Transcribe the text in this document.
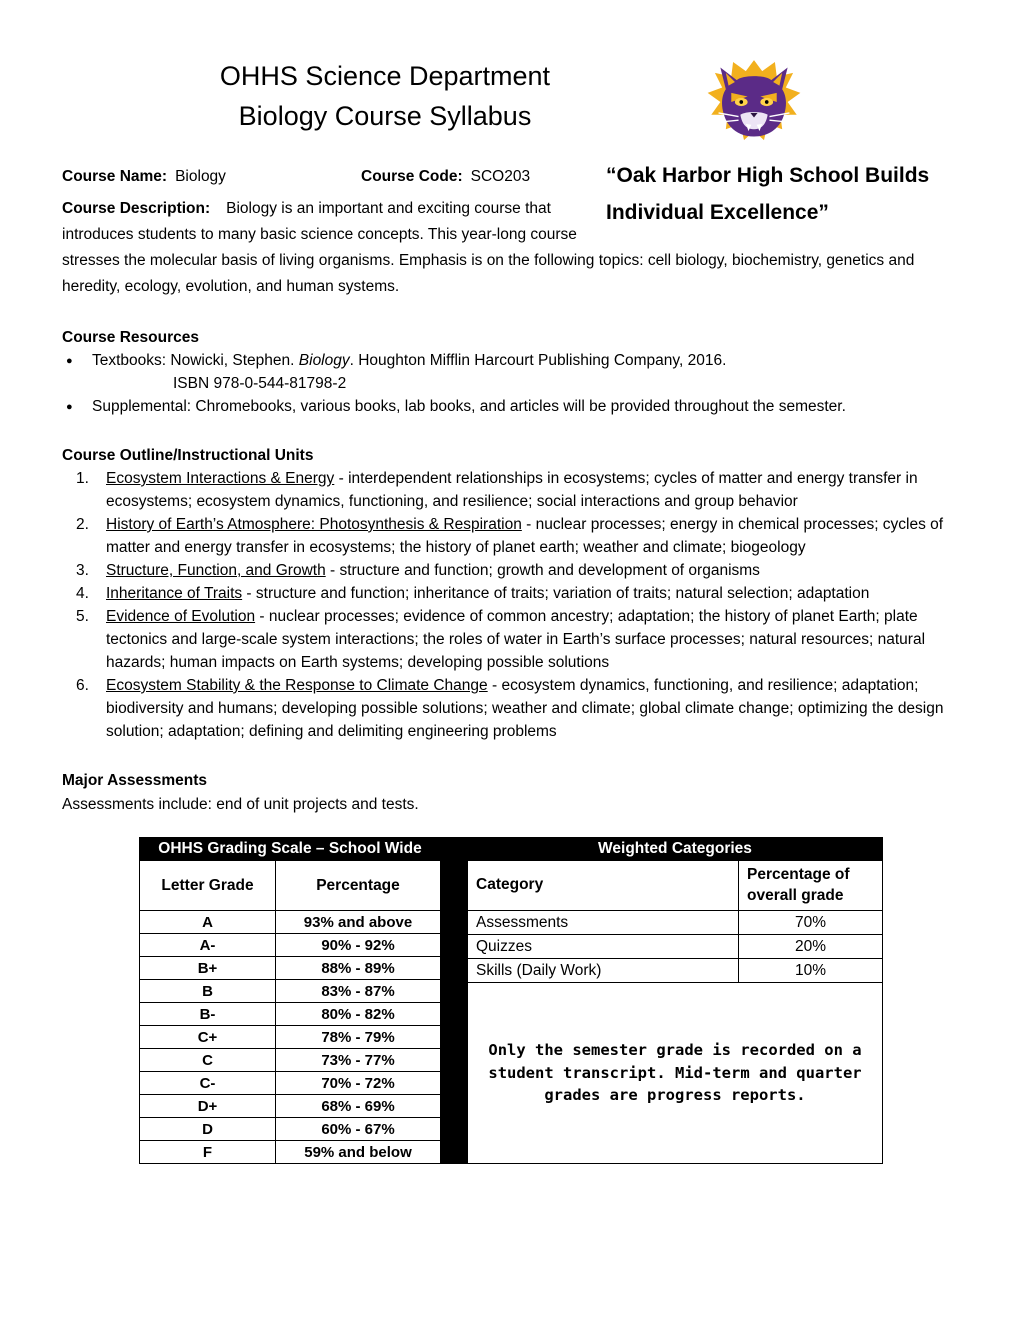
“Oak Harbor High School Builds
Individual Excellence”
OHHS Science Department
Biology Course Syllabus

Course Name: Biology	Course Code: SCO203

Course Description: Biology is an important and exciting course that introduces students to many basic science concepts. This year-long course stresses the molecular basis of living organisms. Emphasis is on the following topics: cell biology, biochemistry, genetics and heredity, ecology, evolution, and human systems.

Course Resources
● Textbooks: Nowicki, Stephen. Biology. Houghton Mifflin Harcourt Publishing Company, 2016.
ISBN 978-0-544-81798-2
● Supplemental: Chromebooks, various books, lab books, and articles will be provided throughout the semester.
Course Outline/Instructional Units
1. Ecosystem Interactions & Energy - interdependent relationships in ecosystems; cycles of matter and energy transfer in ecosystems; ecosystem dynamics, functioning, and resilience; social interactions and group behavior
2. History of Earth’s Atmosphere: Photosynthesis & Respiration - nuclear processes; energy in chemical processes; cycles of matter and energy transfer in ecosystems; the history of planet earth; weather and climate; biogeology
3. Structure, Function, and Growth - structure and function; growth and development of organisms
4. Inheritance of Traits - structure and function; inheritance of traits; variation of traits; natural selection; adaptation
5. Evidence of Evolution - nuclear processes; evidence of common ancestry; adaptation; the history of planet Earth; plate tectonics and large-scale system interactions; the roles of water in Earth’s surface processes; natural resources; natural hazards; human impacts on Earth systems; developing possible solutions
6. Ecosystem Stability & the Response to Climate Change - ecosystem dynamics, functioning, and resilience; adaptation; biodiversity and humans; developing possible solutions; weather and climate; global climate change; optimizing the design solution; adaptation; defining and delimiting engineering problems
Major Assessments
Assessments include: end of unit projects and tests.
OHHS Grading Scale – School Wide	
Letter Grade	Percentage
A	93% and above
A-	90% - 92%
B+	88% - 89%
B	83% - 87%
B-	80% - 82%
C+	78% - 79%
C	73% - 77%
C-	70% - 72%
D+	68% - 69%
D	60% - 67%
F	59% and below
Weighted Categories	
Category	Percentage of overall grade
Assessments	70%
Quizzes	20%
Skills (Daily Work)	10%

Only the semester grade is recorded on a student transcript. Mid-term and quarter grades are progress reports.	
